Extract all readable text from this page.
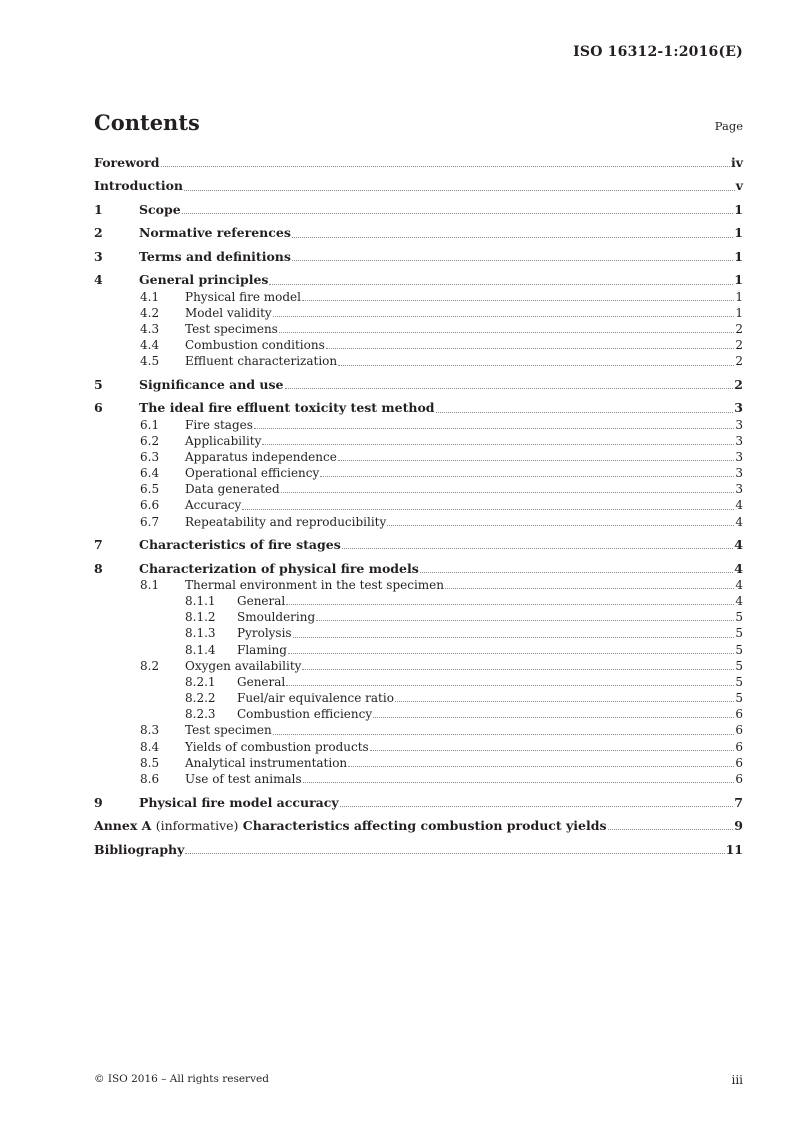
ISO 16312-1:2016(E)
Contents	Page
Foreword	iv
Introduction	v
1	Scope	1
2	Normative references	1
3	Terms and definitions	1
4	General principles	1
4.1	Physical fire model	1
4.2	Model validity	1
4.3	Test specimens	2
4.4	Combustion conditions	2
4.5	Effluent characterization	2
5	Significance and use	2
6	The ideal fire effluent toxicity test method	3
6.1	Fire stages	3
6.2	Applicability	3
6.3	Apparatus independence	3
6.4	Operational efficiency	3
6.5	Data generated	3
6.6	Accuracy	4
6.7	Repeatability and reproducibility	4
7	Characteristics of fire stages	4
8	Characterization of physical fire models	4
8.1	Thermal environment in the test specimen	4
8.1.1	General	4
8.1.2	Smouldering	5
8.1.3	Pyrolysis	5
8.1.4	Flaming	5
8.2	Oxygen availability	5
8.2.1	General	5
8.2.2	Fuel/air equivalence ratio	5
8.2.3	Combustion efficiency	6
8.3	Test specimen	6
8.4	Yields of combustion products	6
8.5	Analytical instrumentation	6
8.6	Use of test animals	6
9	Physical fire model accuracy	7
Annex A (informative) Characteristics affecting combustion product yields	9
Bibliography	11
© ISO 2016 – All rights reserved	iii
